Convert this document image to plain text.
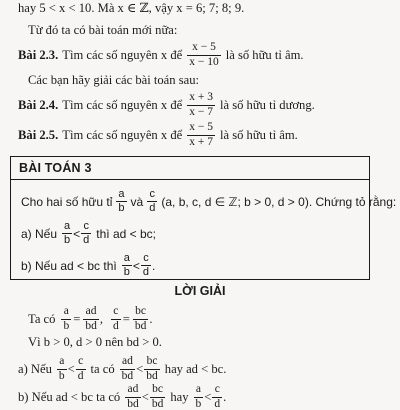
hay 5 < x < 10. Mà x ∈ ℤ, vậy x = 6; 7; 8; 9.
Từ đó ta có bài toán mới nữa:
Bài 2.3. Tìm các số nguyên x để $\frac{x - 5}{x - 10}$ là số hữu tỉ âm.
Các bạn hãy giải các bài toán sau:
Bài 2.4. Tìm các số nguyên x để $\frac{x + 3}{x - 7}$ là số hữu tỉ dương.
Bài 2.5. Tìm các số nguyên x để $\frac{x - 5}{x + 7}$ là số hữu tỉ âm.
BÀI TOÁN 3
Cho hai số hữu tỉ $\frac{a}{b}$ và $\frac{c}{d} (a$, b, c, d ∈ ℤ; b > 0, d > 0). Chứng tỏ rằng:
a) Nếu $\frac{a}{b} < \frac{c}{d}$ thì ad < bc;
b) Nếu ad < bc thì $\frac{a}{b} < \frac{c}{d}$ .
LỜI GIẢI
Ta có $\frac{a}{b} = \frac{ad}{bd}$ , $\frac{c}{d} = \frac{bc}{bd}$ .
Vì b > 0, d > 0 nên bd > 0.
a) Nếu $\frac{a}{b} < \frac{c}{d}$ ta có $\frac{ad}{bd} < \frac{bc}{bd}$ hay ad < bc.
b) Nếu ad < bc ta có $\frac{ad}{bd} < \frac{bc}{bd}$ hay $\frac{a}{b} < \frac{c}{d}$ .
